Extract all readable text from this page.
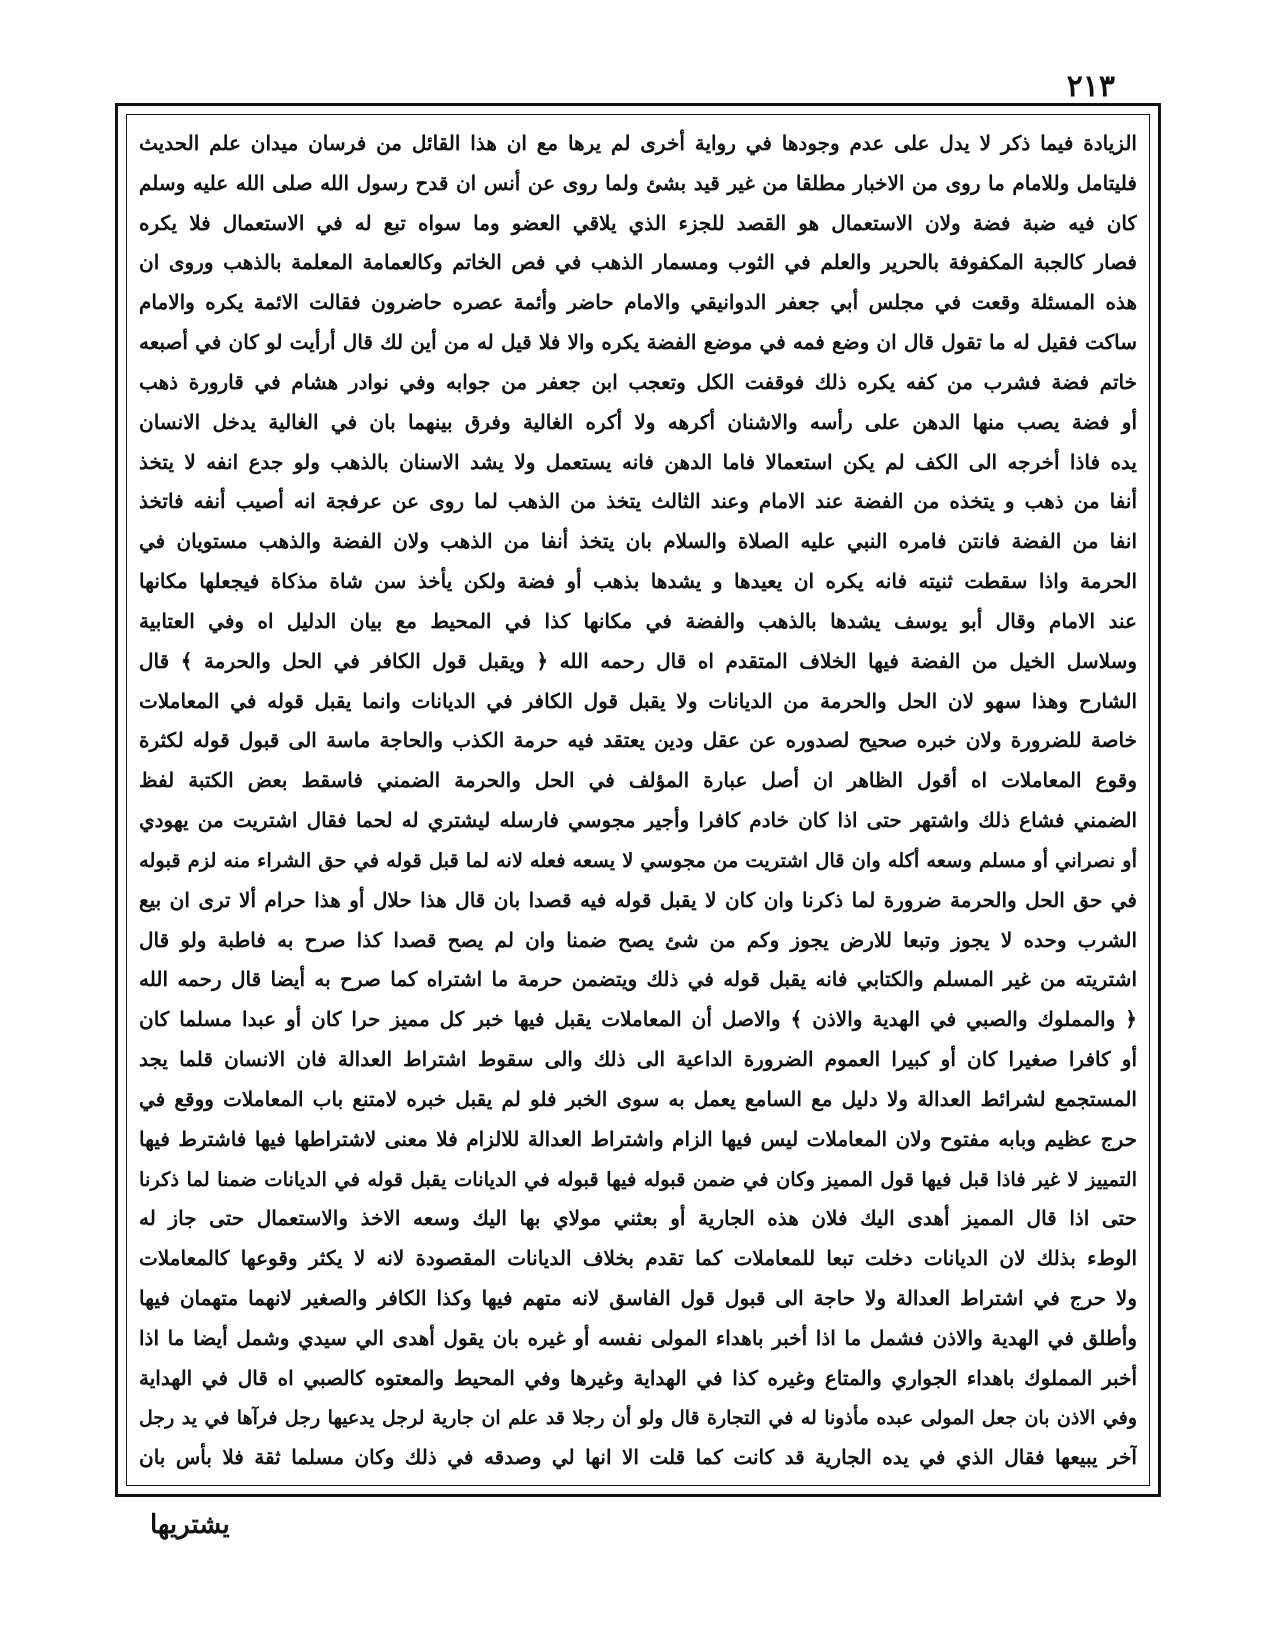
٢١٣
الزيادة فيما ذكر لا يدل على عدم وجودها في رواية أخرى لم يرها مع ان هذا القائل من فرسان ميدان علم الحديث
فليتامل وللامام ما روى من الاخبار مطلقا من غير قيد بشئ ولما روى عن أنس ان قدح رسول الله صلى الله عليه وسلم
كان فيه ضبة فضة ولان الاستعمال هو القصد للجزء الذي يلاقي العضو وما سواه تبع له في الاستعمال فلا يكره
فصار كالجبة المكفوفة بالحرير والعلم في الثوب ومسمار الذهب في فص الخاتم وكالعمامة المعلمة بالذهب وروى ان
هذه المسئلة وقعت في مجلس أبي جعفر الدوانيقي والامام حاضر وأئمة عصره حاضرون فقالت الائمة يكره والامام
ساكت فقيل له ما تقول قال ان وضع فمه في موضع الفضة يكره والا فلا قيل له من أين لك قال أرأيت لو كان في أصبعه
خاتم فضة فشرب من كفه يكره ذلك فوقفت الكل وتعجب ابن جعفر من جوابه وفي نوادر هشام في قارورة ذهب
أو فضة يصب منها الدهن على رأسه والاشنان أكرهه ولا أكره الغالية وفرق بينهما بان في الغالية يدخل الانسان
يده فاذا أخرجه الى الكف لم يكن استعمالا فاما الدهن فانه يستعمل ولا يشد الاسنان بالذهب ولو جدع انفه لا يتخذ
أنفا من ذهب و يتخذه من الفضة عند الامام وعند الثالث يتخذ من الذهب لما روى عن عرفجة انه أصيب أنفه فاتخذ
انفا من الفضة فانتن فامره النبي عليه الصلاة والسلام بان يتخذ أنفا من الذهب ولان الفضة والذهب مستويان في
الحرمة واذا سقطت ثنيته فانه يكره ان يعيدها و يشدها بذهب أو فضة ولكن يأخذ سن شاة مذكاة فيجعلها مكانها
عند الامام وقال أبو يوسف يشدها بالذهب والفضة في مكانها كذا في المحيط مع بيان الدليل اه وفي العتابية
وسلاسل الخيل من الفضة فيها الخلاف المتقدم اه قال رحمه الله ﴿ ويقبل قول الكافر في الحل والحرمة ﴾ قال
الشارح وهذا سهو لان الحل والحرمة من الديانات ولا يقبل قول الكافر في الديانات وانما يقبل قوله في المعاملات
خاصة للضرورة ولان خبره صحيح لصدوره عن عقل ودين يعتقد فيه حرمة الكذب والحاجة ماسة الى قبول قوله لكثرة
وقوع المعاملات اه أقول الظاهر ان أصل عبارة المؤلف في الحل والحرمة الضمني فاسقط بعض الكتبة لفظ
الضمني فشاع ذلك واشتهر حتى اذا كان خادم كافرا وأجير مجوسي فارسله ليشتري له لحما فقال اشتريت من يهودي
أو نصراني أو مسلم وسعه أكله وان قال اشتريت من مجوسي لا يسعه فعله لانه لما قبل قوله في حق الشراء منه لزم قبوله
في حق الحل والحرمة ضرورة لما ذكرنا وان كان لا يقبل قوله فيه قصدا بان قال هذا حلال أو هذا حرام ألا ترى ان بيع
الشرب وحده لا يجوز وتبعا للارض يجوز وكم من شئ يصح ضمنا وان لم يصح قصدا كذا صرح به فاطبة ولو قال
اشتريته من غير المسلم والكتابي فانه يقبل قوله في ذلك ويتضمن حرمة ما اشتراه كما صرح به أيضا قال رحمه الله
﴿ والمملوك والصبي في الهدية والاذن ﴾ والاصل أن المعاملات يقبل فيها خبر كل مميز حرا كان أو عبدا مسلما كان
أو كافرا صغيرا كان أو كبيرا العموم الضرورة الداعية الى ذلك والى سقوط اشتراط العدالة فان الانسان قلما يجد
المستجمع لشرائط العدالة ولا دليل مع السامع يعمل به سوى الخبر فلو لم يقبل خبره لامتنع باب المعاملات ووقع في
حرج عظيم وبابه مفتوح ولان المعاملات ليس فيها الزام واشتراط العدالة للالزام فلا معنى لاشتراطها فيها فاشترط فيها
التمييز لا غير فاذا قبل فيها قول المميز وكان في ضمن قبوله فيها قبوله في الديانات يقبل قوله في الديانات ضمنا لما ذكرنا
حتى اذا قال المميز أهدى اليك فلان هذه الجارية أو بعثني مولاي بها اليك وسعه الاخذ والاستعمال حتى جاز له
الوطء بذلك لان الديانات دخلت تبعا للمعاملات كما تقدم بخلاف الديانات المقصودة لانه لا يكثر وقوعها كالمعاملات
ولا حرج في اشتراط العدالة ولا حاجة الى قبول قول الفاسق لانه متهم فيها وكذا الكافر والصغير لانهما متهمان فيها
وأطلق في الهدية والاذن فشمل ما اذا أخبر باهداء المولى نفسه أو غيره بان يقول أهدى الي سيدي وشمل أيضا ما اذا
أخبر المملوك باهداء الجواري والمتاع وغيره كذا في الهداية وغيرها وفي المحيط والمعتوه كالصبي اه قال في الهداية
وفي الاذن بان جعل المولى عبده مأذونا له في التجارة قال ولو أن رجلا قد علم ان جارية لرجل يدعيها رجل فرآها في يد رجل
آخر يبيعها فقال الذي في يده الجارية قد كانت كما قلت الا انها لي وصدقه في ذلك وكان مسلما ثقة فلا بأس بان
يشتريها
